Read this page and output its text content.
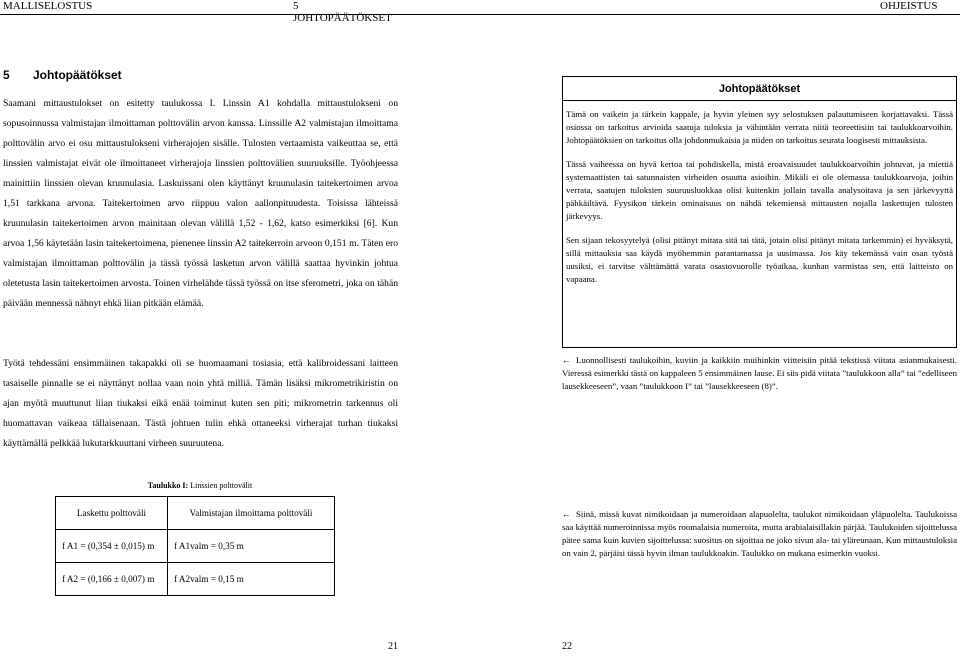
MALLISELOSTUS	5 JOHTOPÄÄTÖKSET
OHJEISTUS
5 Johtopäätökset

Saamani mittaustulokset on esitetty taulukossa I. Linssin A1 kohdalla mittaustulokseni on sopusoinnussa valmistajan ilmoittaman polttovälin arvon kanssa. Linssille A2 valmistajan ilmoittama polttovälin arvo ei osu mittaustulokseni virherajojen sisälle. Tulosten vertaamista vaikeuttaa se, että linssien valmistajat eivät ole ilmoittaneet virherajoja linssien polttovälien suuruuksille. Työohjeessa mainittiin linssien olevan kruunulasia. Laskuissani olen käyttänyt kruunulasin taitekertoimen arvoa 1,51 tarkkana arvona. Taitekertoimen arvo riippuu valon aallonpituudesta. Toisissa lähteissä kruunulasin taitekertoimen arvon mainitaan olevan välillä 1,52 - 1,62, katso esimerkiksi [6]. Kun arvoa 1,56 käytetään lasin taitekertoimena, pienenee linssin A2 taitekerroin arvoon 0,151 m. Täten ero valmistajan ilmoittaman polttovälin ja tässä työssä lasketun arvon välillä saattaa hyvinkin johtua oletetusta lasin taitekertoimen arvosta. Toinen virhelähde tässä työssä on itse sferometri, joka on tähän päivään mennessä nähnyt ehkä liian pitkään elämää.

Työtä tehdessäni ensimmäinen takapakki oli se huomaamani tosiasia, että kalibroidessani laitteen tasaiselle pinnalle se ei näyttänyt nollaa vaan noin yhtä milliä. Tämän lisäksi mikrometrikiristin on ajan myötä muuttunut liian tiukaksi eikä enää toiminut kuten sen piti; mikrometrin tarkennus oli huomattavan vaikeaa tällaisenaan. Tästä johtuen tulin ehkä ottaneeksi virherajat turhan tiukaksi käyttämällä pelkkää lukutarkkuuttani virheen suuruutena.

Taulukko I: Linssien polttovälit
Laskettu polttoväli	Valmistajan ilmoittama polttoväli
f A1 = (0,354 ± 0,015) m	f A1valm = 0,35 m
f A2 = (0,166 ± 0,007) m	f A2valm = 0,15 m
21
Johtopäätökset

Tämä on vaikein ja tärkein kappale, ja hyvin yleinen syy selostuksen palautumiseen korjattavaksi. Tässä osiossa on tarkoitus arvioida saatuja tuloksia ja vähintään verrata niitä teoreettisiin tai taulukkoarvoihin. Johtopäätöksien on tarkoitus olla johdonmukaisia ja niiden on tarkoitus seurata loogisesti mittauksista.

Tässä vaiheessa on hyvä kertoa tai pohdiskella, mistä eroavaisuudet taulukkoarvoihin johtuvat, ja miettiä systemaattisten tai satunnaisten virheiden osuutta asioihin. Mikäli ei ole olemassa taulukkoarvoja, joihin verrata, saatujen tuloksien suuruusluokkaa olisi kuitenkin jollain tavalla analysoitava ja sen järkevyyttä pähkäiltävä. Fyysikon tärkein ominaisuus on nähdä tekemiensä mittausten nojalla laskettujen tulosten järkevyys.

Sen sijaan tekosyytelyä (olisi pitänyt mitata sitä tai tätä, jotain olisi pitänyt mitata tarkemmin) ei hyväksytä, sillä mittauksia saa käydä myöhemmin parantamassa ja uusimassa. Jos käy tekemässä vain osan työstä uusiksi, ei tarvitse välttämättä varata osastovuorolle työaikaa, kunhan varmistaa sen, että laitteisto on vapaana.

← Luonnollisesti taulukoihin, kuviin ja kaikkiin muihinkin viitteisiin pitää tekstissä viitata asianmukaisesti. Vieressä esimerkki tästä on kappaleen 5 ensimmäinen lause. Ei siis pidä viitata ”taulukkoon alla” tai ”edelliseen lausekkeeseen”, vaan ”taulukkoon I” tai ”lausekkeeseen (8)”.
← Siinä, missä kuvat nimikoidaan ja numeroidaan alapuolelta, taulukot nimikoidaan yläpuolelta. Taulukoissa saa käyttää numeroinnissa myös roomalaisia numeroita, mutta arabialaisillakin pärjää. Taulukoiden sijoittelussa pätee sama kuin kuvien sijoittelussa: suositus on sijoittaa ne joko sivun ala- tai yläreunaan. Kun mittaustuloksia on vain 2, pärjäisi tässä hyvin ilman taulukkoakin. Taulukko on mukana esimerkin vuoksi.
22
